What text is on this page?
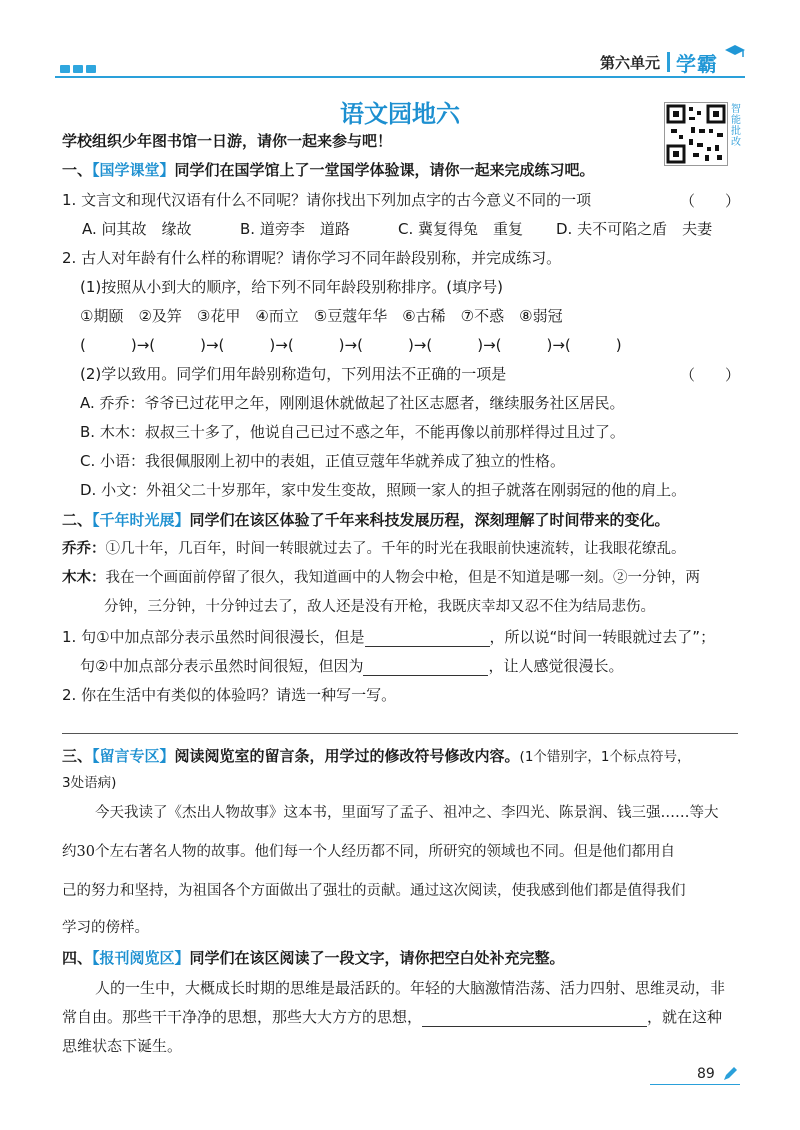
第六单元 学霸
语文园地六	智能批改
学校组织少年图书馆一日游，请你一起来参与吧！
一、【国学课堂】同学们在国学馆上了一堂国学体验课，请你一起来完成练习吧。
1. 文言文和现代汉语有什么不同呢？请你找出下列加点字的古今意义不同的一项	（　　）
A. 问其故　缘故	B. 道旁李　道路	C. 冀复得兔　重复 D. 夫不可陷之盾　夫妻
2. 古人对年龄有什么样的称谓呢？请你学习不同年龄段别称，并完成练习。
(1)按照从小到大的顺序，给下列不同年龄段别称排序。(填序号)
①期颐　②及笄　③花甲　④而立　⑤豆蔻年华　⑥古稀　⑦不惑　⑧弱冠
(　　　)→(　　　)→(　　　)→(　　　)→(　　　)→(　　　)→(　　　)→(　　　)
(2)学以致用。同学们用年龄别称造句，下列用法不正确的一项是	（　　）
A. 乔乔：爷爷已过花甲之年，刚刚退休就做起了社区志愿者，继续服务社区居民。
B. 木木：叔叔三十多了，他说自己已过不惑之年，不能再像以前那样得过且过了。
C. 小语：我很佩服刚上初中的表姐，正值豆蔻年华就养成了独立的性格。
D. 小文：外祖父二十岁那年，家中发生变故，照顾一家人的担子就落在刚弱冠的他的肩上。
二、【千年时光展】同学们在该区体验了千年来科技发展历程，深刻理解了时间带来的变化。
乔乔：①几十年，几百年，时间一转眼就过去了。千年的时光在我眼前快速流转，让我眼花缭乱。
木木：我在一个画面前停留了很久，我知道画中的人物会中枪，但是不知道是哪一刻。②一分钟，两
分钟，三分钟，十分钟过去了，敌人还是没有开枪，我既庆幸却又忍不住为结局悲伤。
1. 句①中加点部分表示虽然时间很漫长，但是	，所以说“时间一转眼就过去了”；
句②中加点部分表示虽然时间很短，但因为	，让人感觉很漫长。
2. 你在生活中有类似的体验吗？请选一种写一写。
三、【留言专区】阅读阅览室的留言条，用学过的修改符号修改内容。(1个错别字，1个标点符号，
3处语病)
今天我读了《杰出人物故事》这本书，里面写了孟子、祖冲之、李四光、陈景润、钱三强……等大
约30个左右著名人物的故事。他们每一个人经历都不同，所研究的领域也不同。但是他们都用自
己的努力和坚持，为祖国各个方面做出了强壮的贡献。通过这次阅读，使我感到他们都是值得我们
学习的傍样。
四、【报刊阅览区】同学们在该区阅读了一段文字，请你把空白处补充完整。
人的一生中，大概成长时期的思维是最活跃的。年轻的大脑激情浩荡、活力四射、思维灵动，非
常自由。那些干干净净的思想，那些大大方方的思想，	，就在这种
思维状态下诞生。
89
